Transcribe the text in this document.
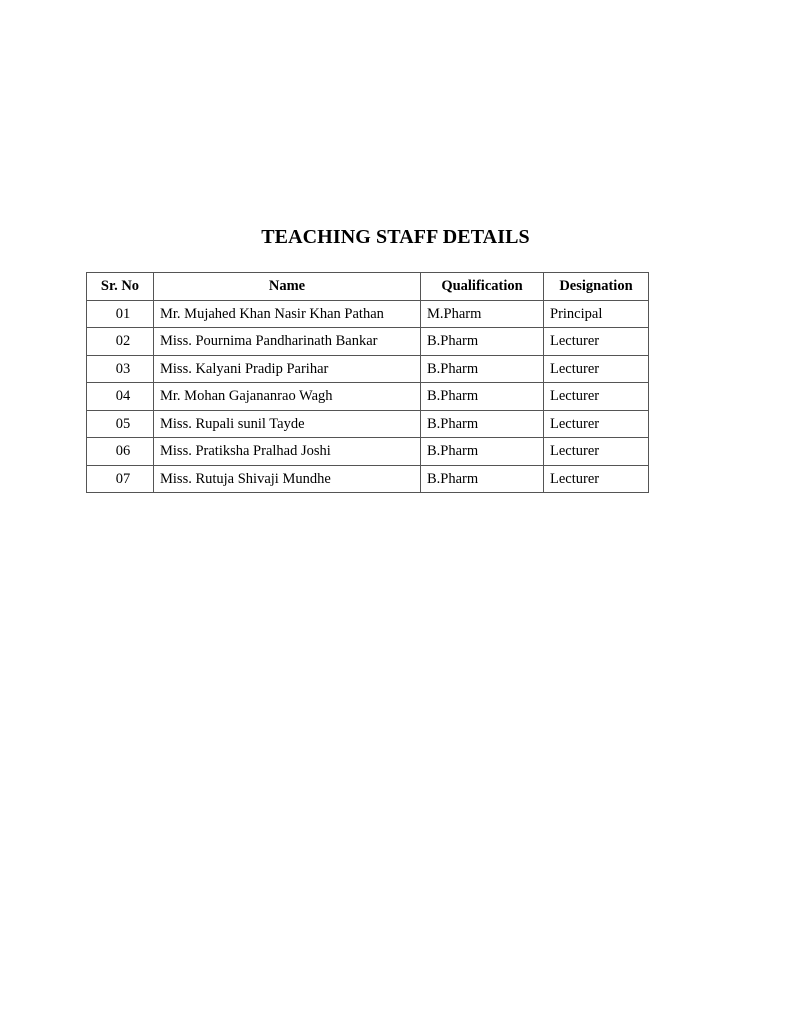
TEACHING STAFF DETAILS
Sr. No	Name	Qualification	Designation
01	Mr. Mujahed Khan Nasir Khan Pathan	M.Pharm	Principal
02	Miss. Pournima Pandharinath Bankar	B.Pharm	Lecturer
03	Miss. Kalyani Pradip Parihar	B.Pharm	Lecturer
04	Mr. Mohan Gajananrao Wagh	B.Pharm	Lecturer
05	Miss. Rupali sunil Tayde	B.Pharm	Lecturer
06	Miss. Pratiksha Pralhad Joshi	B.Pharm	Lecturer
07	Miss. Rutuja Shivaji Mundhe	B.Pharm	Lecturer
